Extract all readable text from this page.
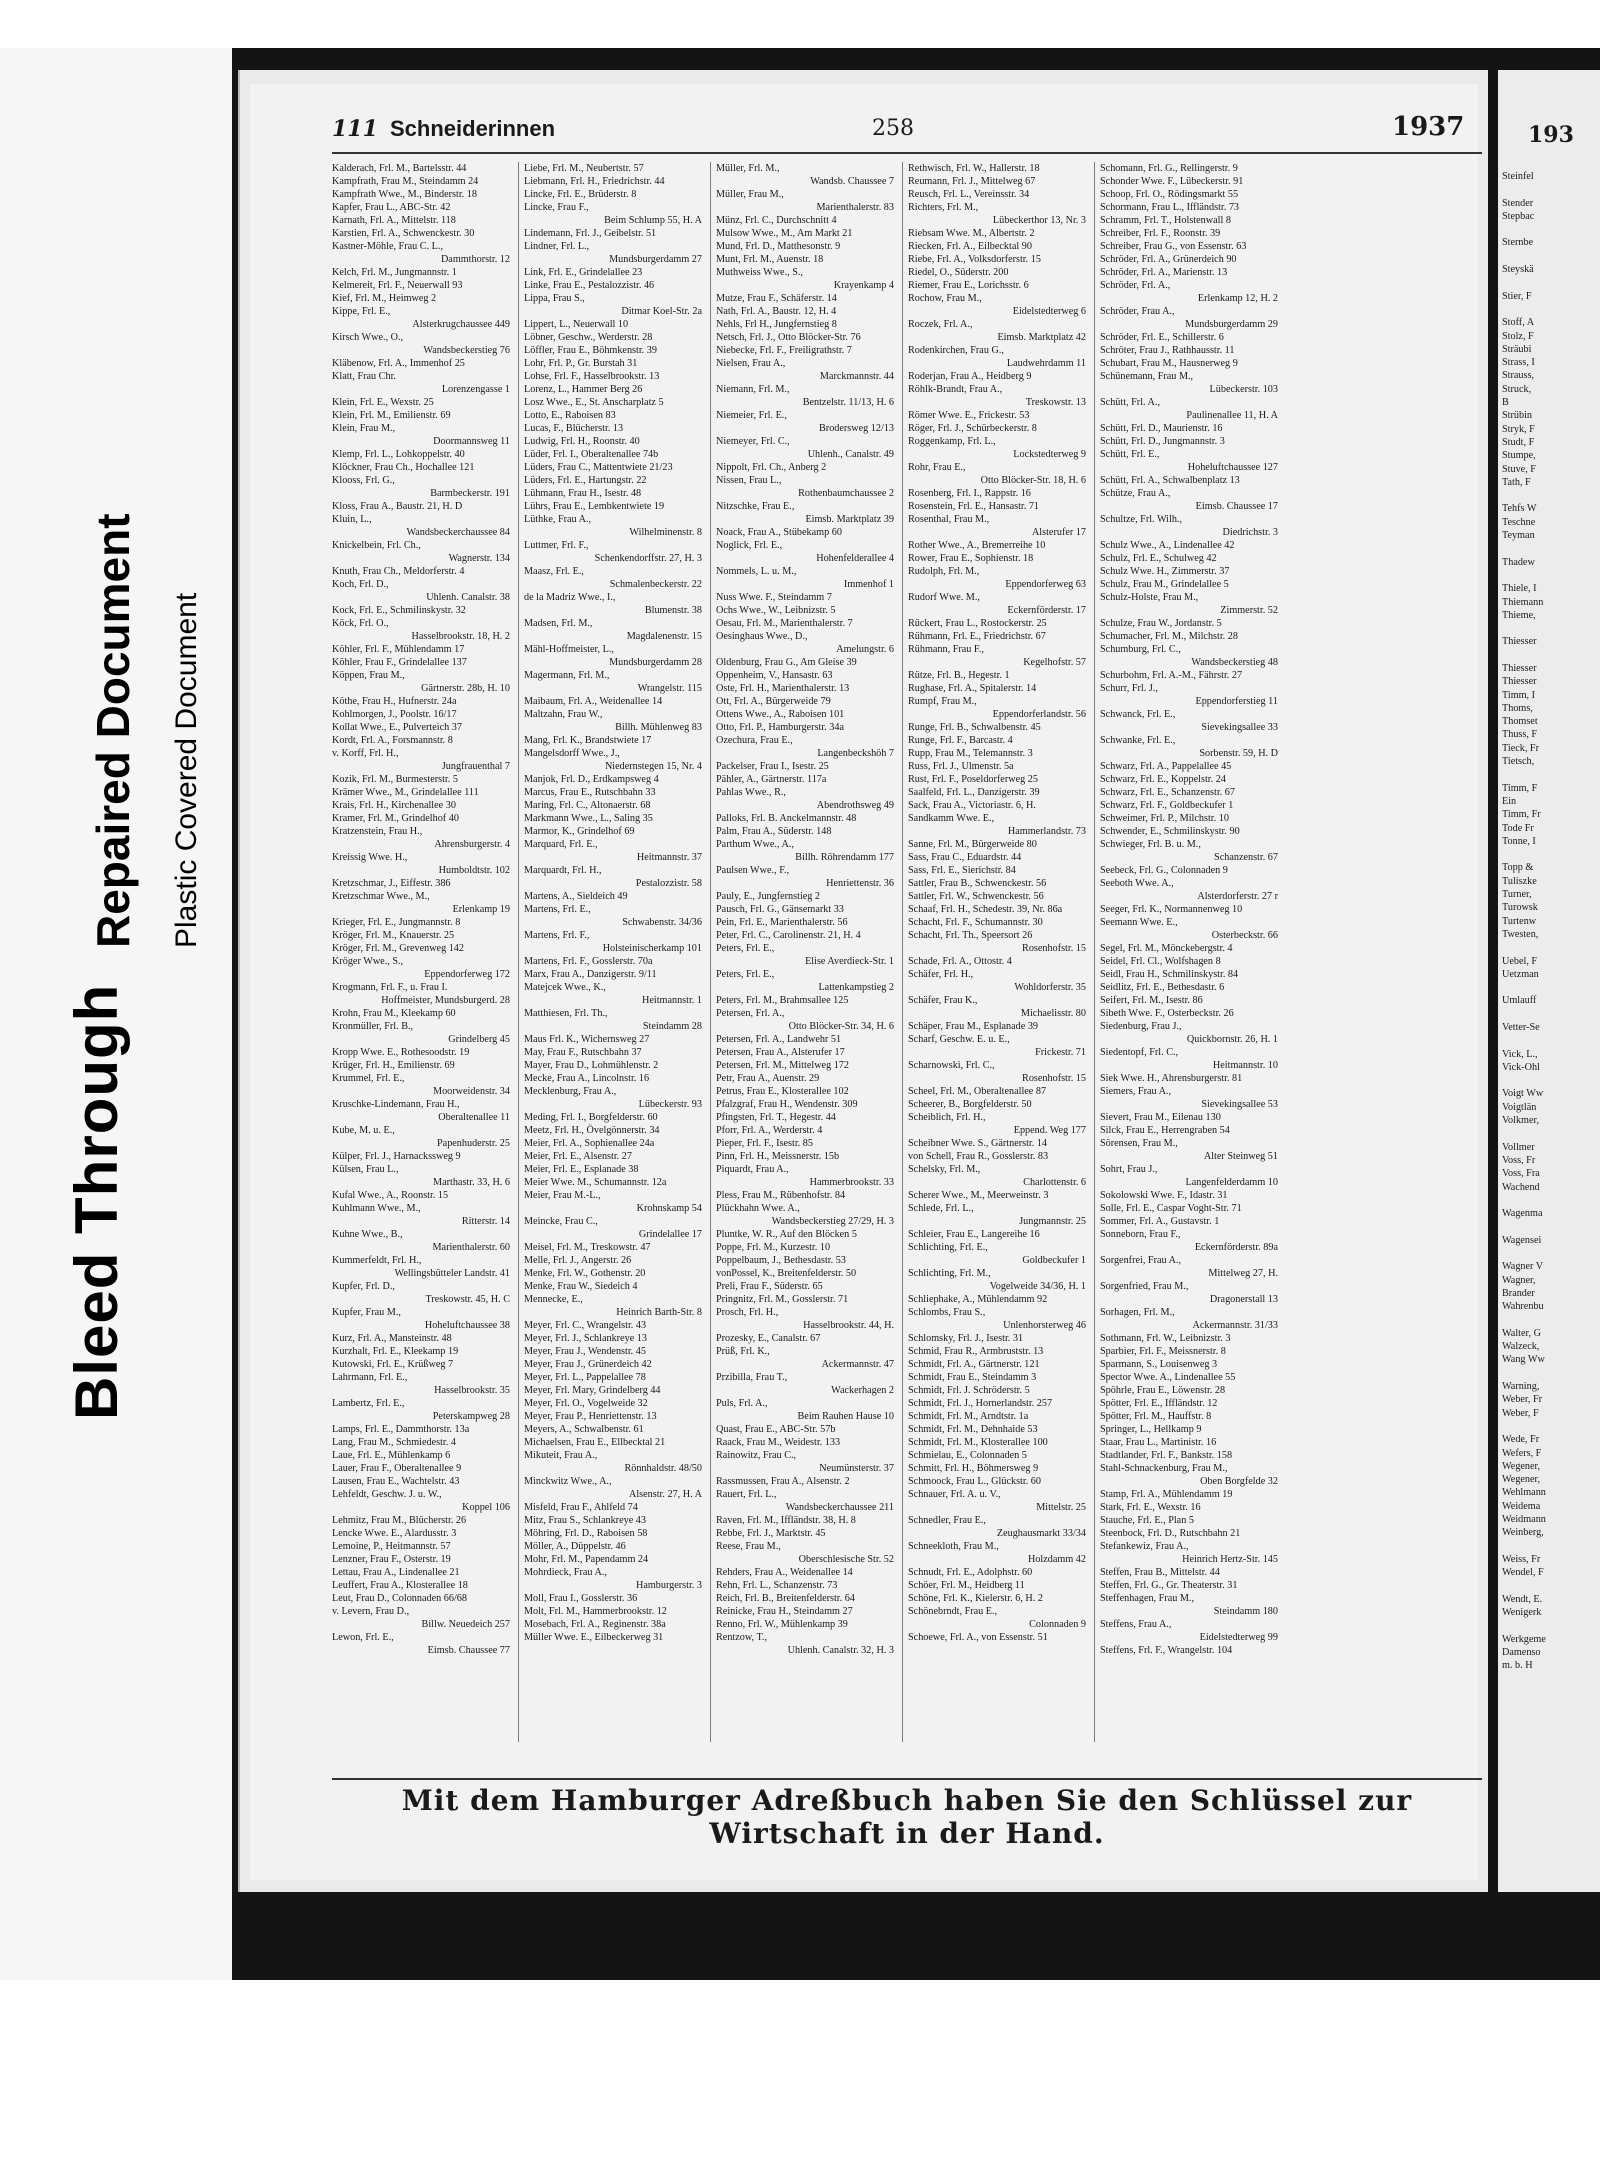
Bleed Through
Repaired Document Plastic Covered Document
111 Schneiderinnen	258	1937
Kalderach, Frl. M., Bartelsstr. 44
Kampfrath, Frau M., Steindamm 24
Kampfrath Wwe., M., Binderstr. 18
Kapfer, Frau L., ABC-Str. 42
Karnath, Frl. A., Mittelstr. 118
Karstien, Frl. A., Schwenckestr. 30
Kastner-Möhle, Frau C. L.,
Dammthorstr. 12
Kelch, Frl. M., Jungmannstr. 1
Kelmereit, Frl. F., Neuerwall 93
Kief, Frl. M., Heimweg 2
Kippe, Frl. E.,
Alsterkrugchaussee 449
Kirsch Wwe., O.,
Wandsbeckerstieg 76
Kläbenow, Frl. A., Immenhof 25
Klatt, Frau Chr.
Lorenzengasse 1
Klein, Frl. E., Wexstr. 25
Klein, Frl. M., Emilienstr. 69
Klein, Frau M.,
Doormannsweg 11
Klemp, Frl. L., Lohkoppelstr. 40
Klöckner, Frau Ch., Hochallee 121
Klooss, Frl. G.,
Barmbeckerstr. 191
Kloss, Frau A., Baustr. 21, H. D
Kluin, L.,
Wandsbeckerchaussee 84
Knickelbein, Frl. Ch.,
Wagnerstr. 134
Knuth, Frau Ch., Meldorferstr. 4
Koch, Frl. D.,
Uhlenh. Canalstr. 38
Kock, Frl. E., Schmilinskystr. 32
Köck, Frl. O.,
Hasselbrookstr. 18, H. 2
Köhler, Frl. F., Mühlendamm 17
Köhler, Frau F., Grindelallee 137
Köppen, Frau M.,
Gärtnerstr. 28b, H. 10
Köthe, Frau H., Hufnerstr. 24a
Kohlmorgen, J., Poolstr. 16/17
Kollat Wwe., E., Pulverteich 37
Kordt, Frl. A., Forsmannstr. 8
v. Korff, Frl. H.,
Jungfrauenthal 7
Kozik, Frl. M., Burmesterstr. 5
Krämer Wwe., M., Grindelallee 111
Krais, Frl. H., Kirchenallee 30
Kramer, Frl. M., Grindelhof 40
Kratzenstein, Frau H.,
Ahrensburgerstr. 4
Kreissig Wwe. H.,
Humboldtstr. 102
Kretzschmar, J., Eiffestr. 386
Kretzschmar Wwe., M.,
Erlenkamp 19
Krieger, Frl. E., Jungmannstr. 8
Kröger, Frl. M., Knauerstr. 25
Kröger, Frl. M., Grevenweg 142
Kröger Wwe., S.,
Eppendorferweg 172
Krogmann, Frl. F., u. Frau I.
Hoffmeister, Mundsburgerd. 28
Krohn, Frau M., Kleekamp 60
Kronmüller, Frl. B.,
Grindelberg 45
Kropp Wwe. E., Rothesoodstr. 19
Krüger, Frl. H., Emilienstr. 69
Krummel, Frl. E.,
Moorweidenstr. 34
Kruschke-Lindemann, Frau H.,
Oberaltenallee 11
Kube, M. u. E.,
Papenhuderstr. 25
Külper, Frl. J., Harnackssweg 9
Külsen, Frau L.,
Marthastr. 33, H. 6
Kufal Wwe., A., Roonstr. 15
Kuhlmann Wwe., M.,
Ritterstr. 14
Kuhne Wwe., B.,
Marienthalerstr. 60
Kummerfeldt, Frl. H.,
Wellingsbütteler Landstr. 41
Kupfer, Frl. D.,
Treskowstr. 45, H. C
Kupfer, Frau M.,
Hoheluftchaussee 38
Kurz, Frl. A., Mansteinstr. 48
Kurzhalt, Frl. E., Kleekamp 19
Kutowski, Frl. E., Krüßweg 7
Lahrmann, Frl. E.,
Hasselbrookstr. 35
Lambertz, Frl. E.,
Peterskampweg 28
Lamps, Frl. E., Dammthorstr. 13a
Lang, Frau M., Schmiedestr. 4
Laue, Frl. E., Mühlenkamp 6
Lauer, Frau F., Oberaltenallee 9
Lausen, Frau E., Wachtelstr. 43
Lehfeldt, Geschw. J. u. W.,
Koppel 106
Lehmitz, Frau M., Blücherstr. 26
Lencke Wwe. E., Alardusstr. 3
Lemoine, P., Heitmannstr. 57
Lenzner, Frau F., Osterstr. 19
Lettau, Frau A., Lindenallee 21
Leuffert, Frau A., Klosterallee 18
Leut, Frau D., Colonnaden 66/68
v. Levern, Frau D.,
Billw. Neuedeich 257
Lewon, Frl. E.,
Eimsb. Chaussee 77
Liebe, Frl. M., Neubertstr. 57
Liebmann, Frl. H., Friedrichstr. 44
Lincke, Frl. E., Brüderstr. 8
Lincke, Frau F.,
Beim Schlump 55, H. A
Lindemann, Frl. J., Geibelstr. 51
Lindner, Frl. L.,
Mundsburgerdamm 27
Link, Frl. E., Grindelallee 23
Linke, Frau E., Pestalozzistr. 46
Lippa, Frau S.,
Ditmar Koel-Str. 2a
Lippert, L., Neuerwall 10
Löbner, Geschw., Werderstr. 28
Löffler, Frau E., Böhmkenstr. 39
Lohr, Frl. P., Gr. Burstah 31
Lohse, Frl. F., Hasselbrookstr. 13
Lorenz, L., Hammer Berg 26
Losz Wwe., E., St. Anscharplatz 5
Lotto, E., Raboisen 83
Lucas, F., Blücherstr. 13
Ludwig, Frl. H., Roonstr. 40
Lüder, Frl. I., Oberaltenallee 74b
Lüders, Frau C., Mattentwiete 21/23
Lüders, Frl. E., Hartungstr. 22
Lühmann, Frau H., Isestr. 48
Lührs, Frau E., Lembkentwiete 19
Lüthke, Frau A.,
Wilhelminenstr. 8
Luttmer, Frl. F.,
Schenkendorffstr. 27, H. 3
Maasz, Frl. E.,
Schmalenbeckerstr. 22
de la Madriz Wwe., I.,
Blumenstr. 38
Madsen, Frl. M.,
Magdalenenstr. 15
Mähl-Hoffmeister, L.,
Mundsburgerdamm 28
Magermann, Frl. M.,
Wrangelstr. 115
Maibaum, Frl. A., Weidenallee 14
Maltzahn, Frau W.,
Billh. Mühlenweg 83
Mang, Frl. K., Brandstwiete 17
Mangelsdorff Wwe., J.,
Niedernstegen 15, Nr. 4
Manjok, Frl. D., Erdkampsweg 4
Marcus, Frau E., Rutschbahn 33
Maring, Frl. C., Altonaerstr. 68
Markmann Wwe., L., Saling 35
Marmor, K., Grindelhof 69
Marquard, Frl. E.,
Heitmannstr. 37
Marquardt, Frl. H.,
Pestalozzistr. 58
Martens, A., Sieldeich 49
Martens, Frl. E.,
Schwabenstr. 34/36
Martens, Frl. F.,
Holsteinischerkamp 101
Martens, Frl. F., Gosslerstr. 70a
Marx, Frau A., Danzigerstr. 9/11
Matejcek Wwe., K.,
Heitmannstr. 1
Matthiesen, Frl. Th.,
Steindamm 28
Maus Frl. K., Wichernsweg 27
May, Frau F., Rutschbahn 37
Mayer, Frau D., Lohmühlenstr. 2
Mecke, Frau A., Lincolnstr. 16
Mecklenburg, Frau A.,
Lübeckerstr. 93
Meding, Frl. I., Borgfelderstr. 60
Meetz, Frl. H., Övelgönnerstr. 34
Meier, Frl. A., Sophienallee 24a
Meier, Frl. E., Alsenstr. 27
Meier, Frl. E., Esplanade 38
Meier Wwe. M., Schumannstr. 12a
Meier, Frau M.-L.,
Krohnskamp 54
Meincke, Frau C.,
Grindelallee 17
Meisel, Frl. M., Treskowstr. 47
Melle, Frl. J., Angerstr. 26
Menke, Frl. W., Gothenstr. 20
Menke, Frau W., Siedeich 4
Mennecke, E.,
Heinrich Barth-Str. 8
Meyer, Frl. C., Wrangelstr. 43
Meyer, Frl. J., Schlankreye 13
Meyer, Frau J., Wendenstr. 45
Meyer, Frau J., Grünerdeich 42
Meyer, Frl. L., Pappelallee 78
Meyer, Frl. Mary, Grindelberg 44
Meyer, Frl. O., Vogelweide 32
Meyer, Frau P., Henriettenstr. 13
Meyers, A., Schwalbenstr. 61
Michaelsen, Frau E., Ellbecktal 21
Mikuteit, Frau A.,
Rönnhaldstr. 48/50
Minckwitz Wwe., A.,
Alsenstr. 27, H. A
Misfeld, Frau F., Ahlfeld 74
Mitz, Frau S., Schlankreye 43
Möhring, Frl. D., Raboisen 58
Möller, A., Düppelstr. 46
Mohr, Frl. M., Papendamm 24
Mohrdieck, Frau A.,
Hamburgerstr. 3
Moll, Frau I., Gosslerstr. 36
Molt, Frl. M., Hammerbrookstr. 12
Mosebach, Frl. A., Reginenstr. 38a
Müller Wwe. E., Eilbeckerweg 31
Müller, Frl. M.,
Wandsb. Chaussee 7
Müller, Frau M.,
Marienthalerstr. 83
Münz, Frl. C., Durchschnitt 4
Mulsow Wwe., M., Am Markt 21
Mund, Frl. D., Matthesonstr. 9
Munt, Frl. M., Auenstr. 18
Muthweiss Wwe., S.,
Krayenkamp 4
Mutze, Frau F., Schäferstr. 14
Nath, Frl. A., Baustr. 12, H. 4
Nehls, Frl H., Jungfernstieg 8
Netsch, Frl. J., Otto Blöcker-Str. 76
Niebecke, Frl. F., Freiligrathstr. 7
Nielsen, Frau A.,
Marckmannstr. 44
Niemann, Frl. M.,
Bentzelstr. 11/13, H. 6
Niemeier, Frl. E.,
Brodersweg 12/13
Niemeyer, Frl. C.,
Uhlenh., Canalstr. 49
Nippolt, Frl. Ch., Anberg 2
Nissen, Frau L.,
Rothenbaumchaussee 2
Nitzschke, Frau E.,
Eimsb. Marktplatz 39
Noack, Frau A., Stübekamp 60
Noglick, Frl. E.,
Hohenfelderallee 4
Nommels, L. u. M.,
Immenhof 1
Nuss Wwe. F., Steindamm 7
Ochs Wwe., W., Leibnizstr. 5
Oesau, Frl. M., Marienthalerstr. 7
Oesinghaus Wwe., D.,
Amelungstr. 6
Oldenburg, Frau G., Am Gleise 39
Oppenheim, V., Hansastr. 63
Oste, Frl. H., Marienthalerstr. 13
Ott, Frl. A., Bürgerweide 79
Ottens Wwe., A., Raboisen 101
Otto, Frl. P., Hamburgerstr. 34a
Ozechura, Frau E.,
Langenbeckshöh 7
Packelser, Frau I., Isestr. 25
Pähler, A., Gärtnerstr. 117a
Pahlas Wwe., R.,
Abendrothsweg 49
Palloks, Frl. B. Anckelmannstr. 48
Palm, Frau A., Süderstr. 148
Parthum Wwe., A.,
Billh. Röhrendamm 177
Paulsen Wwe., F.,
Henriettenstr. 36
Pauly, E., Jungfernstieg 2
Pausch, Frl. G., Gänsemarkt 33
Pein, Frl. E., Marienthalerstr. 56
Peter, Frl. C., Carolinenstr. 21, H. 4
Peters, Frl. E.,
Elise Averdieck-Str. 1
Peters, Frl. E.,
Lattenkampstieg 2
Peters, Frl. M., Brahmsallee 125
Petersen, Frl. A.,
Otto Blöcker-Str. 34, H. 6
Petersen, Frl. A., Landwehr 51
Petersen, Frau A., Alsterufer 17
Petersen, Frl. M., Mittelweg 172
Petr, Frau A., Auenstr. 29
Petrus, Frau E., Klosterallee 102
Pfalzgraf, Frau H., Wendenstr. 309
Pfingsten, Frl. T., Hegestr. 44
Pforr, Frl. A., Werderstr. 4
Pieper, Frl. F., Isestr. 85
Pinn, Frl. H., Meissnerstr. 15b
Piquardt, Frau A.,
Hammerbrookstr. 33
Pless, Frau M., Rübenhofstr. 84
Plückhahn Wwe. A.,
Wandsbeckerstieg 27/29, H. 3
Pluntke, W. R., Auf den Blöcken 5
Poppe, Frl. M., Kurzestr. 10
Poppelbaum, J., Bethesdastr. 53
vonPossel, K., Breitenfelderstr. 50
Preli, Frau F., Süderstr. 65
Pringnitz, Frl. M., Gosslerstr. 71
Prosch, Frl. H.,
Hasselbrookstr. 44, H.
Prozesky, E., Canalstr. 67
Prüß, Frl. K.,
Ackermannstr. 47
Przibilla, Frau T.,
Wackerhagen 2
Puls, Frl. A.,
Beim Rauhen Hause 10
Quast, Frau E., ABC-Str. 57b
Raack, Frau M., Weidestr. 133
Rainowitz, Frau C.,
Neumünsterstr. 37
Rassmussen, Frau A., Alsenstr. 2
Rauert, Frl. L.,
Wandsbeckerchaussee 211
Raven, Frl. M., Iffländstr. 38, H. 8
Rebbe, Frl. J., Marktstr. 45
Reese, Frau M.,
Oberschlesische Str. 52
Rehders, Frau A., Weidenallee 14
Rehn, Frl. L., Schanzenstr. 73
Reich, Frl. B., Breitenfelderstr. 64
Reinicke, Frau H., Steindamm 27
Renno, Frl. W., Mühlenkamp 39
Rentzow, T.,
Uhlenh. Canalstr. 32, H. 3
Rethwisch, Frl. W., Hallerstr. 18
Reumann, Frl. J., Mittelweg 67
Reusch, Frl. L., Vereinsstr. 34
Richters, Frl. M.,
Lübeckerthor 13, Nr. 3
Riebsam Wwe. M., Albertstr. 2
Riecken, Frl. A., Eilbecktal 90
Riebe, Frl. A., Volksdorferstr. 15
Riedel, O., Süderstr. 200
Riemer, Frau E., Lorichsstr. 6
Rochow, Frau M.,
Eidelstedterweg 6
Roczek, Frl. A.,
Eimsb. Marktplatz 42
Rodenkirchen, Frau G.,
Laudwehrdamm 11
Roderjan, Frau A., Heidberg 9
Röhlk-Brandt, Frau A.,
Treskowstr. 13
Römer Wwe. E., Frickestr. 53
Röger, Frl. J., Schürbeckerstr. 8
Roggenkamp, Frl. L.,
Lockstedterweg 9
Rohr, Frau E.,
Otto Blöcker-Str. 18, H. 6
Rosenberg, Frl. I., Rappstr. 16
Rosenstein, Frl. E., Hansastr. 71
Rosenthal, Frau M.,
Alsterufer 17
Rother Wwe., A., Bremerreihe 10
Rower, Frau E., Sophienstr. 18
Rudolph, Frl. M.,
Eppendorferweg 63
Rudorf Wwe. M.,
Eckernförderstr. 17
Rückert, Frau L., Rostockerstr. 25
Rühmann, Frl. E., Friedrichstr. 67
Rühmann, Frau F.,
Kegelhofstr. 57
Rütze, Frl. B., Hegestr. 1
Rughase, Frl. A., Spitalerstr. 14
Rumpf, Frau M.,
Eppendorferlandstr. 56
Runge, Frl. B., Schwalbenstr. 45
Runge, Frl. F., Barcastr. 4
Rupp, Frau M., Telemannstr. 3
Russ, Frl. J., Ulmenstr. 5a
Rust, Frl. F., Poseldorferweg 25
Saalfeld, Frl. L., Danzigerstr. 39
Sack, Frau A., Victoriastr. 6, H.
Sandkamm Wwe. E.,
Hammerlandstr. 73
Sanne, Frl. M., Bürgerweide 80
Sass, Frau C., Eduardstr. 44
Sass, Frl. E., Sierichstr. 84
Sattler, Frau B., Schwenckestr. 56
Sattler, Frl. W., Schwenckestr. 56
Schaaf, Frl. H., Schedestr. 39, Nr. 86a
Schacht, Frl. F., Schumannstr. 30
Schacht, Frl. Th., Speersort 26
Rosenhofstr. 15
Schade, Frl. A., Ottostr. 4
Schäfer, Frl. H.,
Wohldorferstr. 35
Schäfer, Frau K.,
Michaelisstr. 80
Schäper, Frau M., Esplanade 39
Scharf, Geschw. E. u. E.,
Frickestr. 71
Scharnowski, Frl. C.,
Rosenhofstr. 15
Scheel, Frl. M., Oberaltenallee 87
Scheerer, B., Borgfelderstr. 50
Scheiblich, Frl. H.,
Eppend. Weg 177
Scheibner Wwe. S., Gärtnerstr. 14
von Schell, Frau R., Gosslerstr. 83
Schelsky, Frl. M.,
Charlottenstr. 6
Scherer Wwe., M., Meerweinstr. 3
Schlede, Frl. L.,
Jungmannstr. 25
Schleier, Frau E., Langereihe 16
Schlichting, Frl. E.,
Goldbeckufer 1
Schlichting, Frl. M.,
Vogelweide 34/36, H. 1
Schliephake, A., Mühlendamm 92
Schlombs, Frau S.,
Unlenhorsterweg 46
Schlomsky, Frl. J., Isestr. 31
Schmid, Frau R., Armbruststr. 13
Schmidt, Frl. A., Gärtnerstr. 121
Schmidt, Frau E., Steindamm 3
Schmidt, Frl. J. Schröderstr. 5
Schmidt, Frl. J., Hornerlandstr. 257
Schmidt, Frl. M., Arndtstr. 1a
Schmidt, Frl. M., Dehnhaide 53
Schmidt, Frl. M., Klosterallee 100
Schmielau, E., Colonnaden 5
Schmitt, Frl. H., Böhmersweg 9
Schmoock, Frau L., Glückstr. 60
Schnauer, Frl. A. u. V.,
Mittelstr. 25
Schnedler, Frau E.,
Zeughausmarkt 33/34
Schneekloth, Frau M.,
Holzdamm 42
Schnudt, Frl. E., Adolphstr. 60
Schöer, Frl. M., Heidberg 11
Schöne, Frl. K., Kielerstr. 6, H. 2
Schönebrndt, Frau E.,
Colonnaden 9
Schoewe, Frl. A., von Essenstr. 51
Schomann, Frl. G., Rellingerstr. 9
Schonder Wwe. F., Lübeckerstr. 91
Schoop, Frl. O., Rödingsmarkt 55
Schormann, Frau L., Iffländstr. 73
Schramm, Frl. T., Holstenwall 8
Schreiber, Frl. F., Roonstr. 39
Schreiber, Frau G., von Essenstr. 63
Schröder, Frl. A., Grünerdeich 90
Schröder, Frl. A., Marienstr. 13
Schröder, Frl. A.,
Erlenkamp 12, H. 2
Schröder, Frau A.,
Mundsburgerdamm 29
Schröder, Frl. E., Schillerstr. 6
Schröter, Frau J., Rathhausstr. 11
Schubart, Frau M., Hausnerweg 9
Schünemann, Frau M.,
Lübeckerstr. 103
Schütt, Frl. A.,
Paulinenallee 11, H. A
Schütt, Frl. D., Maurienstr. 16
Schütt, Frl. D., Jungmannstr. 3
Schütt, Frl. E.,
Hoheluftchaussee 127
Schütt, Frl. A., Schwalbenplatz 13
Schütze, Frau A.,
Eimsb. Chaussee 17
Schultze, Frl. Wilh.,
Diedrichstr. 3
Schulz Wwe., A., Lindenallee 42
Schulz, Frl. E., Schulweg 42
Schulz Wwe. H., Zimmerstr. 37
Schulz, Frau M., Grindelallee 5
Schulz-Holste, Frau M.,
Zimmerstr. 52
Schulze, Frau W., Jordanstr. 5
Schumacher, Frl. M., Milchstr. 28
Schumburg, Frl. C.,
Wandsbeckerstieg 48
Schurbohm, Frl. A.-M., Fährstr. 27
Schurr, Frl. J.,
Eppendorferstieg 11
Schwanck, Frl. E.,
Sievekingsallee 33
Schwanke, Frl. E.,
Sorbenstr. 59, H. D
Schwarz, Frl. A., Pappelallee 45
Schwarz, Frl. E., Koppelstr. 24
Schwarz, Frl. E., Schanzenstr. 67
Schwarz, Frl. F., Goldbeckufer 1
Schweimer, Frl. P., Milchstr. 10
Schwender, E., Schmilinskystr. 90
Schwieger, Frl. B. u. M.,
Schanzenstr. 67
Seebeck, Frl. G., Colonnaden 9
Seeboth Wwe. A.,
Alsterdorferstr. 27 r
Seeger, Frl. K., Normannenweg 10
Seemann Wwe. E.,
Osterbeckstr. 66
Segel, Frl. M., Mönckebergstr. 4
Seidel, Frl. Cl., Wolfshagen 8
Seidl, Frau H., Schmilinskystr. 84
Seidlitz, Frl. E., Bethesdastr. 6
Seifert, Frl. M., Isestr. 86
Sibeth Wwe. F., Osterbeckstr. 26
Siedenburg, Frau J.,
Quickbornstr. 26, H. 1
Siedentopf, Frl. C.,
Heitmannstr. 10
Siek Wwe. H., Ahrensburgerstr. 81
Siemers, Frau A.,
Sievekingsallee 53
Sievert, Frau M., Eilenau 130
Silck, Frau E., Herrengraben 54
Sörensen, Frau M.,
Alter Steinweg 51
Sohrt, Frau J.,
Langenfelderdamm 10
Sokolowski Wwe. F., Idastr. 31
Solle, Frl. E., Caspar Voght-Str. 71
Sommer, Frl. A., Gustavstr. 1
Sonneborn, Frau F.,
Eckernförderstr. 89a
Sorgenfrei, Frau A.,
Mittelweg 27, H.
Sorgenfried, Frau M.,
Dragonerstall 13
Sorhagen, Frl. M.,
Ackermannstr. 31/33
Sothmann, Frl. W., Leibnizstr. 3
Sparbier, Frl. F., Meissnerstr. 8
Sparmann, S., Louisenweg 3
Spector Wwe. A., Lindenallee 55
Spöhrle, Frau E., Löwenstr. 28
Spötter, Frl. E., Iffländstr. 12
Spötter, Frl. M., Hauffstr. 8
Springer, L., Hellkamp 9
Staar, Frau L., Martinistr. 16
Stadtlander, Frl. F., Bankstr. 158
Stahl-Schnackenburg, Frau M.,
Oben Borgfelde 32
Stamp, Frl. A., Mühlendamm 19
Stark, Frl. E., Wexstr. 16
Stauche, Frl. E., Plan 5
Steenbock, Frl. D., Rutschbahn 21
Stefankewiz, Frau A.,
Heinrich Hertz-Str. 145
Steffen, Frau B., Mittelstr. 44
Steffen, Frl. G., Gr. Theaterstr. 31
Steffenhagen, Frau M.,
Steindamm 180
Steffens, Frau A.,
Eidelstedterweg 99
Steffens, Frl. F., Wrangelstr. 104
Mit dem Hamburger Adreßbuch haben Sie den Schlüssel zur Wirtschaft in der Hand.
193
Steinfel

Stender
Stepbac

Sternbe

Steyskä

Stier, F

Stoff, A
Stolz, F
Sträubi
Strass, I
Strauss,
Struck,
B
Strübin
Stryk, F
Studt, F
Stumpe,
Stuve, F
Tath, F

Tehfs W
Teschne
Teyman

Thadew

Thiele, I
Thiemann
Thieme,

Thiesser

Thiesser
Thiesser
Timm, I
Thoms,
Thomset
Thuss, F
Tieck, Fr
Tietsch,

Timm, F
Ein
Timm, Fr
Tode Fr
Tonne, I

Topp &
Tuliszke
Turner,
Turowsk
Turtenw
Twesten,

Uebel, F
Uetzman

Umlauff

Vetter-Se

Vick, L.,
Vick-Ohl

Voigt Ww
Voigtlän
Volkmer,

Vollmer
Voss, Fr
Voss, Fra
Wachend

Wagenma

Wagensei

Wagner V
Wagner,
Brander
Wahrenbu

Walter, G
Walzeck,
Wang Ww

Warning,
Weber, Fr
Weber, F

Wede, Fr
Wefers, F
Wegener,
Wegener,
Wehlmann
Weidema
Weidmann
Weinberg,

Weiss, Fr
Wendel, F

Wendt, E.
Wenigerk

Werkgeme
Damenso
m. b. H
